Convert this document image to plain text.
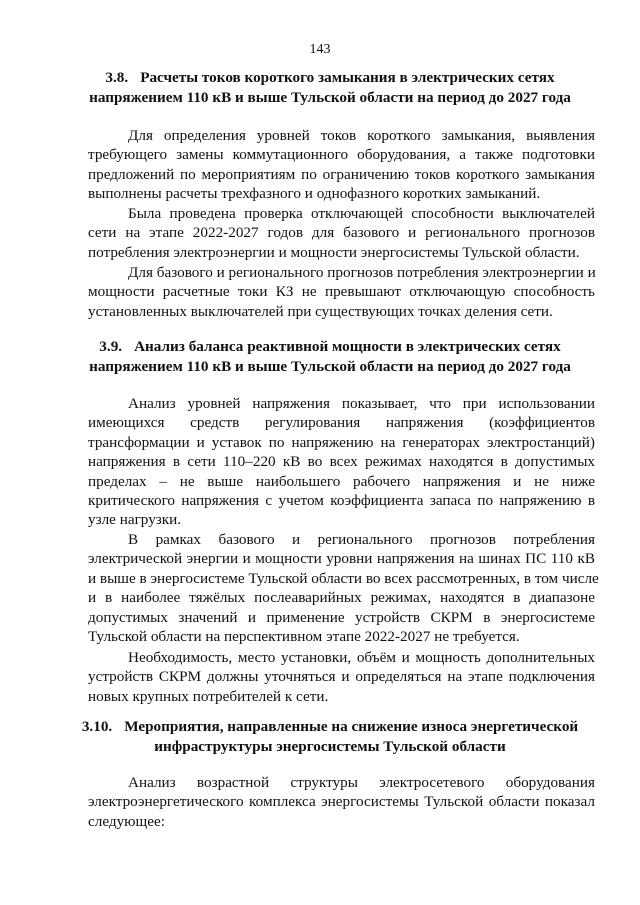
143
3.8. Расчеты токов короткого замыкания в электрических сетях
напряжением 110 кВ и выше Тульской области на период до 2027 года
Для определения уровней токов короткого замыкания, выявления
требующего замены коммутационного оборудования, а также подготовки
предложений по мероприятиям по ограничению токов короткого замыкания
выполнены расчеты трехфазного и однофазного коротких замыканий.
Была проведена проверка отключающей способности выключателей
сети на этапе 2022-2027 годов для базового и регионального прогнозов
потребления электроэнергии и мощности энергосистемы Тульской области.
Для базового и регионального прогнозов потребления электроэнергии и
мощности расчетные токи КЗ не превышают отключающую способность
установленных выключателей при существующих точках деления сети.
3.9. Анализ баланса реактивной мощности в электрических сетях
напряжением 110 кВ и выше Тульской области на период до 2027 года
Анализ уровней напряжения показывает, что при использовании
имеющихся средств регулирования напряжения (коэффициентов
трансформации и уставок по напряжению на генераторах электростанций)
напряжения в сети 110–220 кВ во всех режимах находятся в допустимых
пределах – не выше наибольшего рабочего напряжения и не ниже
критического напряжения с учетом коэффициента запаса по напряжению в
узле нагрузки.
В рамках базового и регионального прогнозов потребления
электрической энергии и мощности уровни напряжения на шинах ПС 110 кВ
и выше в энергосистеме Тульской области во всех рассмотренных, в том числе
и в наиболее тяжёлых послеаварийных режимах, находятся в диапазоне
допустимых значений и применение устройств СКРМ в энергосистеме
Тульской области на перспективном этапе 2022-2027 не требуется.
Необходимость, место установки, объём и мощность дополнительных
устройств СКРМ должны уточняться и определяться на этапе подключения
новых крупных потребителей к сети.
3.10. Мероприятия, направленные на снижение износа энергетической
инфраструктуры энергосистемы Тульской области
Анализ возрастной структуры электросетевого оборудования
электроэнергетического комплекса энергосистемы Тульской области показал
следующее:
